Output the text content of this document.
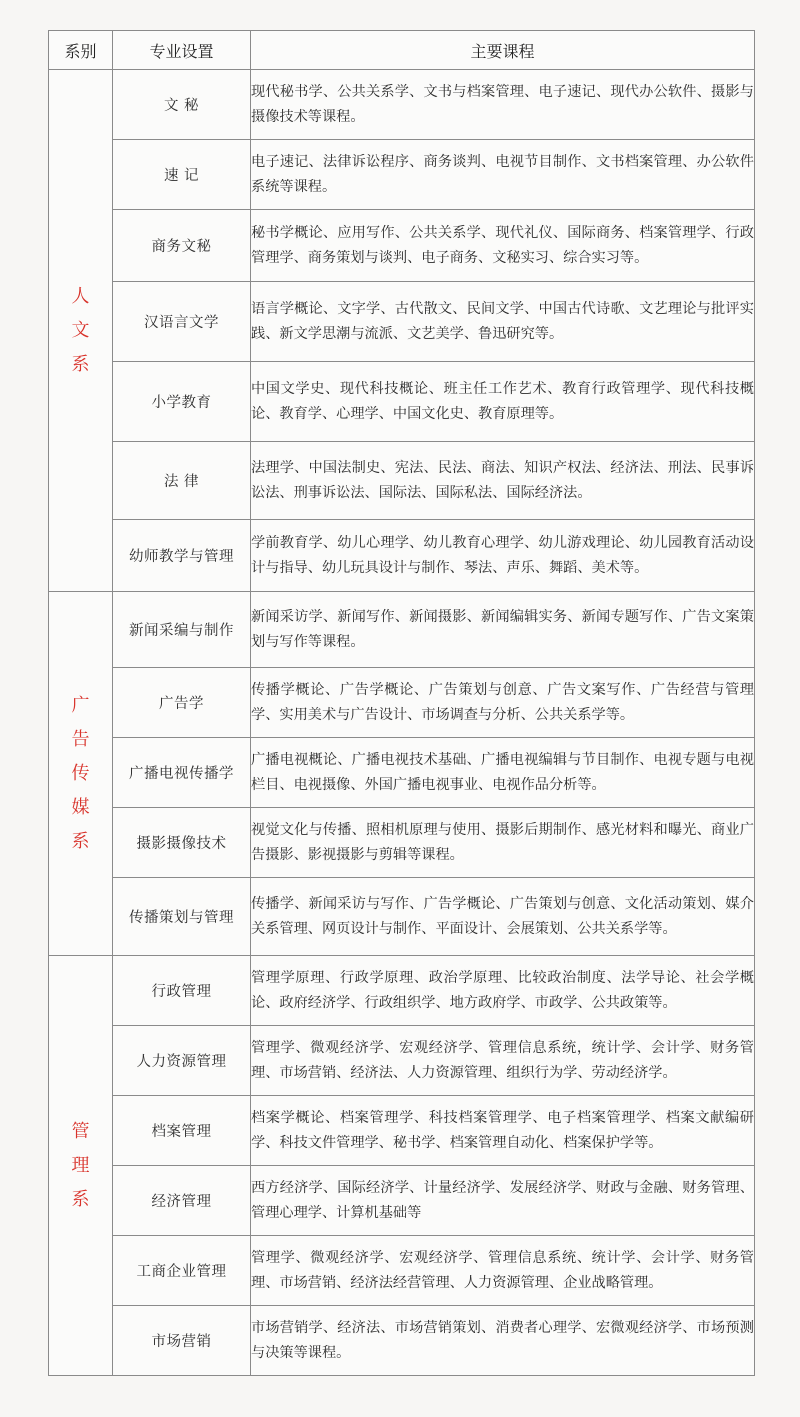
系别	专业设置	主要课程

人
文
系	文 秘	现代秘书学、公共关系学、文书与档案管理、电子速记、现代办公软件、摄影与摄像技术等课程。
	速 记	电子速记、法律诉讼程序、商务谈判、电视节目制作、文书档案管理、办公软件系统等课程。
	商务文秘	秘书学概论、应用写作、公共关系学、现代礼仪、国际商务、档案管理学、行政管理学、商务策划与谈判、电子商务、文秘实习、综合实习等。
	汉语言文学	语言学概论、文字学、古代散文、民间文学、中国古代诗歌、文艺理论与批评实践、新文学思潮与流派、文艺美学、鲁迅研究等。
	小学教育	中国文学史、现代科技概论、班主任工作艺术、教育行政管理学、现代科技概论、教育学、心理学、中国文化史、教育原理等。
	法 律	法理学、中国法制史、宪法、民法、商法、知识产权法、经济法、刑法、民事诉讼法、刑事诉讼法、国际法、国际私法、国际经济法。
	幼师教学与管理	学前教育学、幼儿心理学、幼儿教育心理学、幼儿游戏理论、幼儿园教育活动设计与指导、幼儿玩具设计与制作、琴法、声乐、舞蹈、美术等。

广
告
传
媒
系	新闻采编与制作	新闻采访学、新闻写作、新闻摄影、新闻编辑实务、新闻专题写作、广告文案策划与写作等课程。
	广告学	传播学概论、广告学概论、广告策划与创意、广告文案写作、广告经营与管理学、实用美术与广告设计、市场调查与分析、公共关系学等。
	广播电视传播学	广播电视概论、广播电视技术基础、广播电视编辑与节目制作、电视专题与电视栏目、电视摄像、外国广播电视事业、电视作品分析等。
	摄影摄像技术	视觉文化与传播、照相机原理与使用、摄影后期制作、感光材料和曝光、商业广告摄影、影视摄影与剪辑等课程。
	传播策划与管理	传播学、新闻采访与写作、广告学概论、广告策划与创意、文化活动策划、媒介关系管理、网页设计与制作、平面设计、会展策划、公共关系学等。

管
理
系	行政管理	管理学原理、行政学原理、政治学原理、比较政治制度、法学导论、社会学概论、政府经济学、行政组织学、地方政府学、市政学、公共政策等。
	人力资源管理	管理学、微观经济学、宏观经济学、管理信息系统，统计学、会计学、财务管理、市场营销、经济法、人力资源管理、组织行为学、劳动经济学。
	档案管理	档案学概论、档案管理学、科技档案管理学、电子档案管理学、档案文献编研学、科技文件管理学、秘书学、档案管理自动化、档案保护学等。
	经济管理	西方经济学、国际经济学、计量经济学、发展经济学、财政与金融、财务管理、管理心理学、计算机基础等
	工商企业管理	管理学、微观经济学、宏观经济学、管理信息系统、统计学、会计学、财务管理、市场营销、经济法经营管理、人力资源管理、企业战略管理。
	市场营销	市场营销学、经济法、市场营销策划、消费者心理学、宏微观经济学、市场预测与决策等课程。
